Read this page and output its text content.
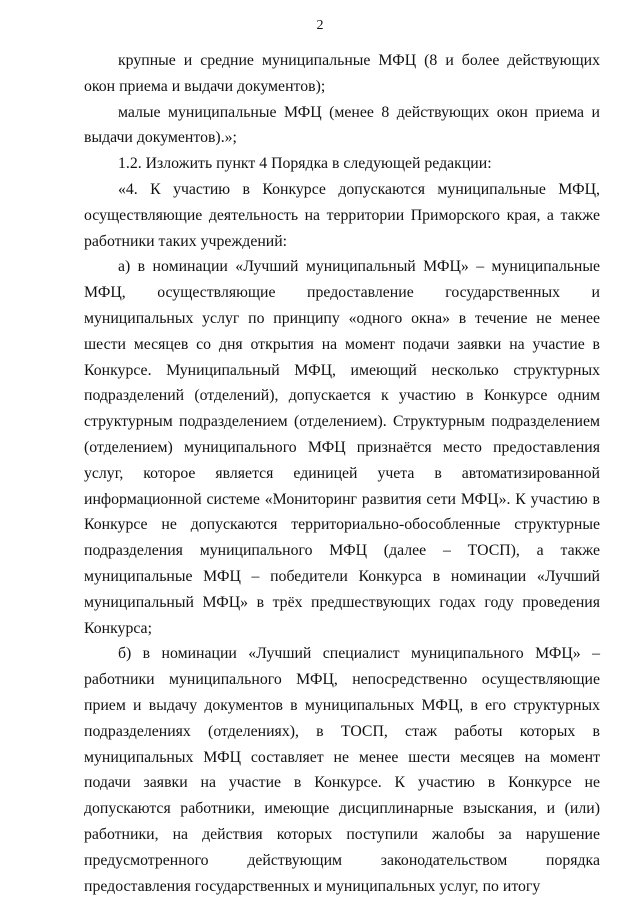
2

крупные и средние муниципальные МФЦ (8 и более действующих окон приема и выдачи документов);

малые муниципальные МФЦ (менее 8 действующих окон приема и выдачи документов).»;

1.2. Изложить пункт 4 Порядка в следующей редакции:

«4. К участию в Конкурсе допускаются муниципальные МФЦ, осуществляющие деятельность на территории Приморского края, а также работники таких учреждений:

а) в номинации «Лучший муниципальный МФЦ» – муниципальные МФЦ, осуществляющие предоставление государственных и муниципальных услуг по принципу «одного окна» в течение не менее шести месяцев со дня открытия на момент подачи заявки на участие в Конкурсе. Муниципальный МФЦ, имеющий несколько структурных подразделений (отделений), допускается к участию в Конкурсе одним структурным подразделением (отделением). Структурным подразделением (отделением) муниципального МФЦ признаётся место предоставления услуг, которое является единицей учета в автоматизированной информационной системе «Мониторинг развития сети МФЦ». К участию в Конкурсе не допускаются территориально-обособленные структурные подразделения муниципального МФЦ (далее – ТОСП), а также муниципальные МФЦ – победители Конкурса в номинации «Лучший муниципальный МФЦ» в трёх предшествующих годах году проведения Конкурса;

б) в номинации «Лучший специалист муниципального МФЦ» – работники муниципального МФЦ, непосредственно осуществляющие прием и выдачу документов в муниципальных МФЦ, в его структурных подразделениях (отделениях), в ТОСП, стаж работы которых в муниципальных МФЦ составляет не менее шести месяцев на момент подачи заявки на участие в Конкурсе. К участию в Конкурсе не допускаются работники, имеющие дисциплинарные взыскания, и (или) работники, на действия которых поступили жалобы за нарушение предусмотренного действующим законодательством порядка предоставления государственных и муниципальных услуг, по итогу
